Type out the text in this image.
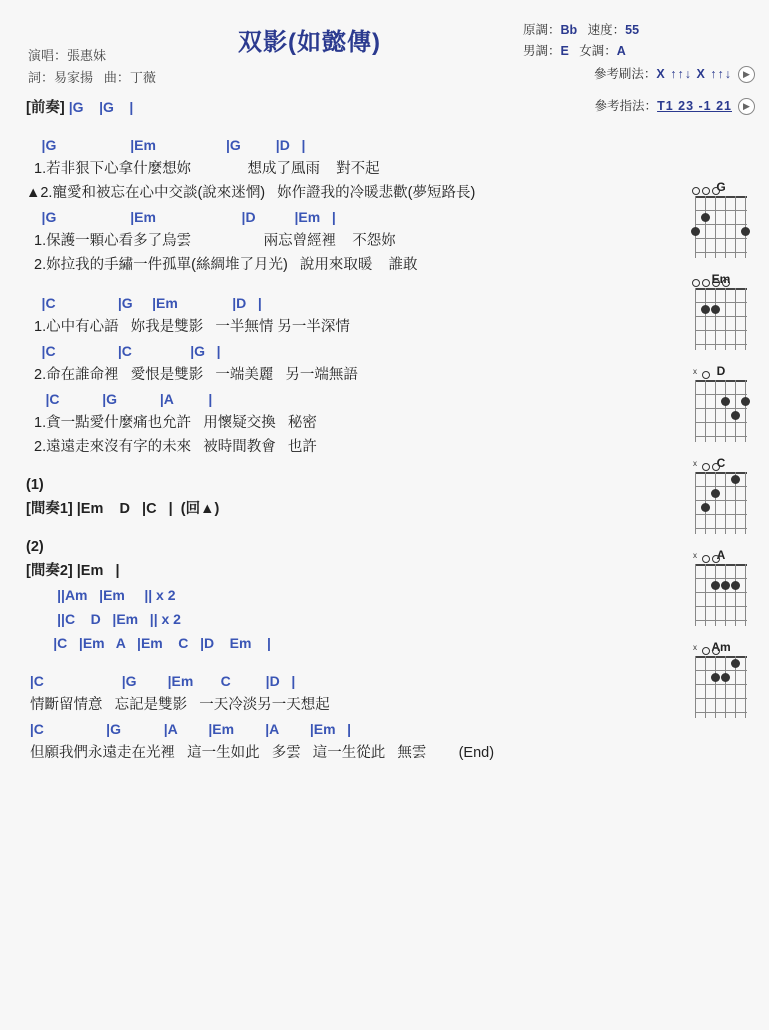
双影(如懿傳)
演唱：張惠妹
詞：易家揚 曲：丁薇
原調：Bb 速度：55
男調：E 女調：A
參考刷法：X ↑↑↓ X ↑↑↓ ▶
參考指法：T1 23 -1 21 ▶
[前奏] |G    |G    |
|G                   |Em                  |G         |D   |
1.若非狠下心拿什麼想妳              想成了風雨    對不起
▲2.寵愛和被忘在心中交談(說來迷惘)   妳作證我的冷暖悲歡(夢短路長)
|G                   |Em                      |D          |Em   |
1.保護一顆心看多了烏雲                  兩忘曾經裡    不怨妳
2.妳拉我的手繡一件孤單(絲綢堆了月光)   說用來取暖    誰敢
|C                |G     |Em              |D   |
1.心中有心語   妳我是雙影   一半無情 另一半深情
|C                |C               |G   |
2.命在誰命裡   愛恨是雙影   一端美麗   另一端無語
|C           |G           |A         |
1.貪一點愛什麼痛也允許   用懷疑交換   秘密
2.遠遠走來沒有字的未來   被時間教會   也許
(1)
[間奏1] |Em    D   |C   |  (回▲)
(2)
[間奏2] |Em   |
||Am   |Em     || x 2
||C    D   |Em   || x 2
|C   |Em   A   |Em    C   |D    Em    |
|C                    |G        |Em       C         |D   |
情斷留情意   忘記是雙影   一天冷淡另一天想起
|C                |G           |A        |Em        |A        |Em   |
但願我們永遠走在光裡   這一生如此   多雲   這一生從此   無雲        (End)
G
Em
D
x
C
x
A
x
Am
x
